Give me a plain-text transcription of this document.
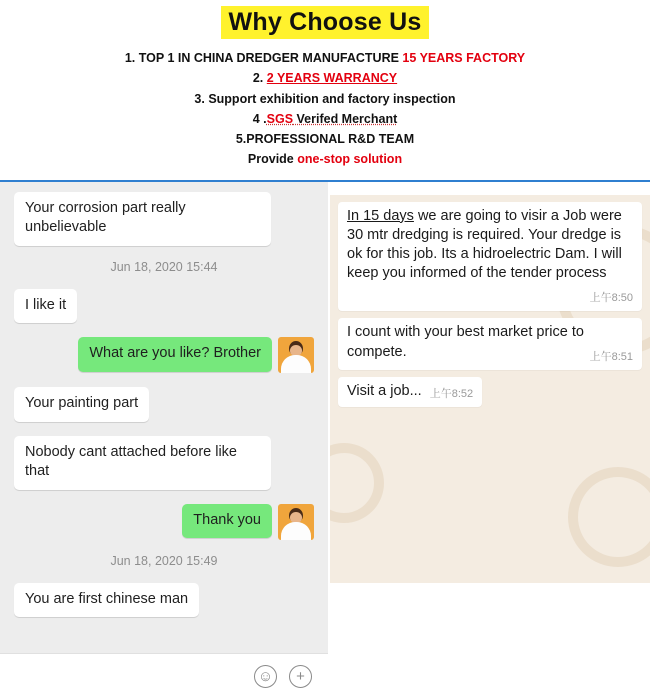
Why Choose Us
1. TOP 1 IN CHINA DREDGER MANUFACTURE 15 YEARS FACTORY
2. 2 YEARS WARRANCY
3. Support exhibition and factory inspection
4 .SGS Verifed Merchant
5.PROFESSIONAL R&D TEAM
Provide one-stop solution
Your corrosion part really unbelievable
Jun 18, 2020 15:44
I like it
What are you like? Brother
Your painting part
Nobody cant attached before like that
Thank you
Jun 18, 2020 15:49
You are first chinese man
☺	+
In 15 days we are going to visir a Job were 30 mtr dredging is required. Your dredge is ok for this job. Its a hidroelectric Dam. I will keep you informed of the tender process
上午8:50
I count with your best market price to compete.	上午8:51
Visit a job... 上午8:52
